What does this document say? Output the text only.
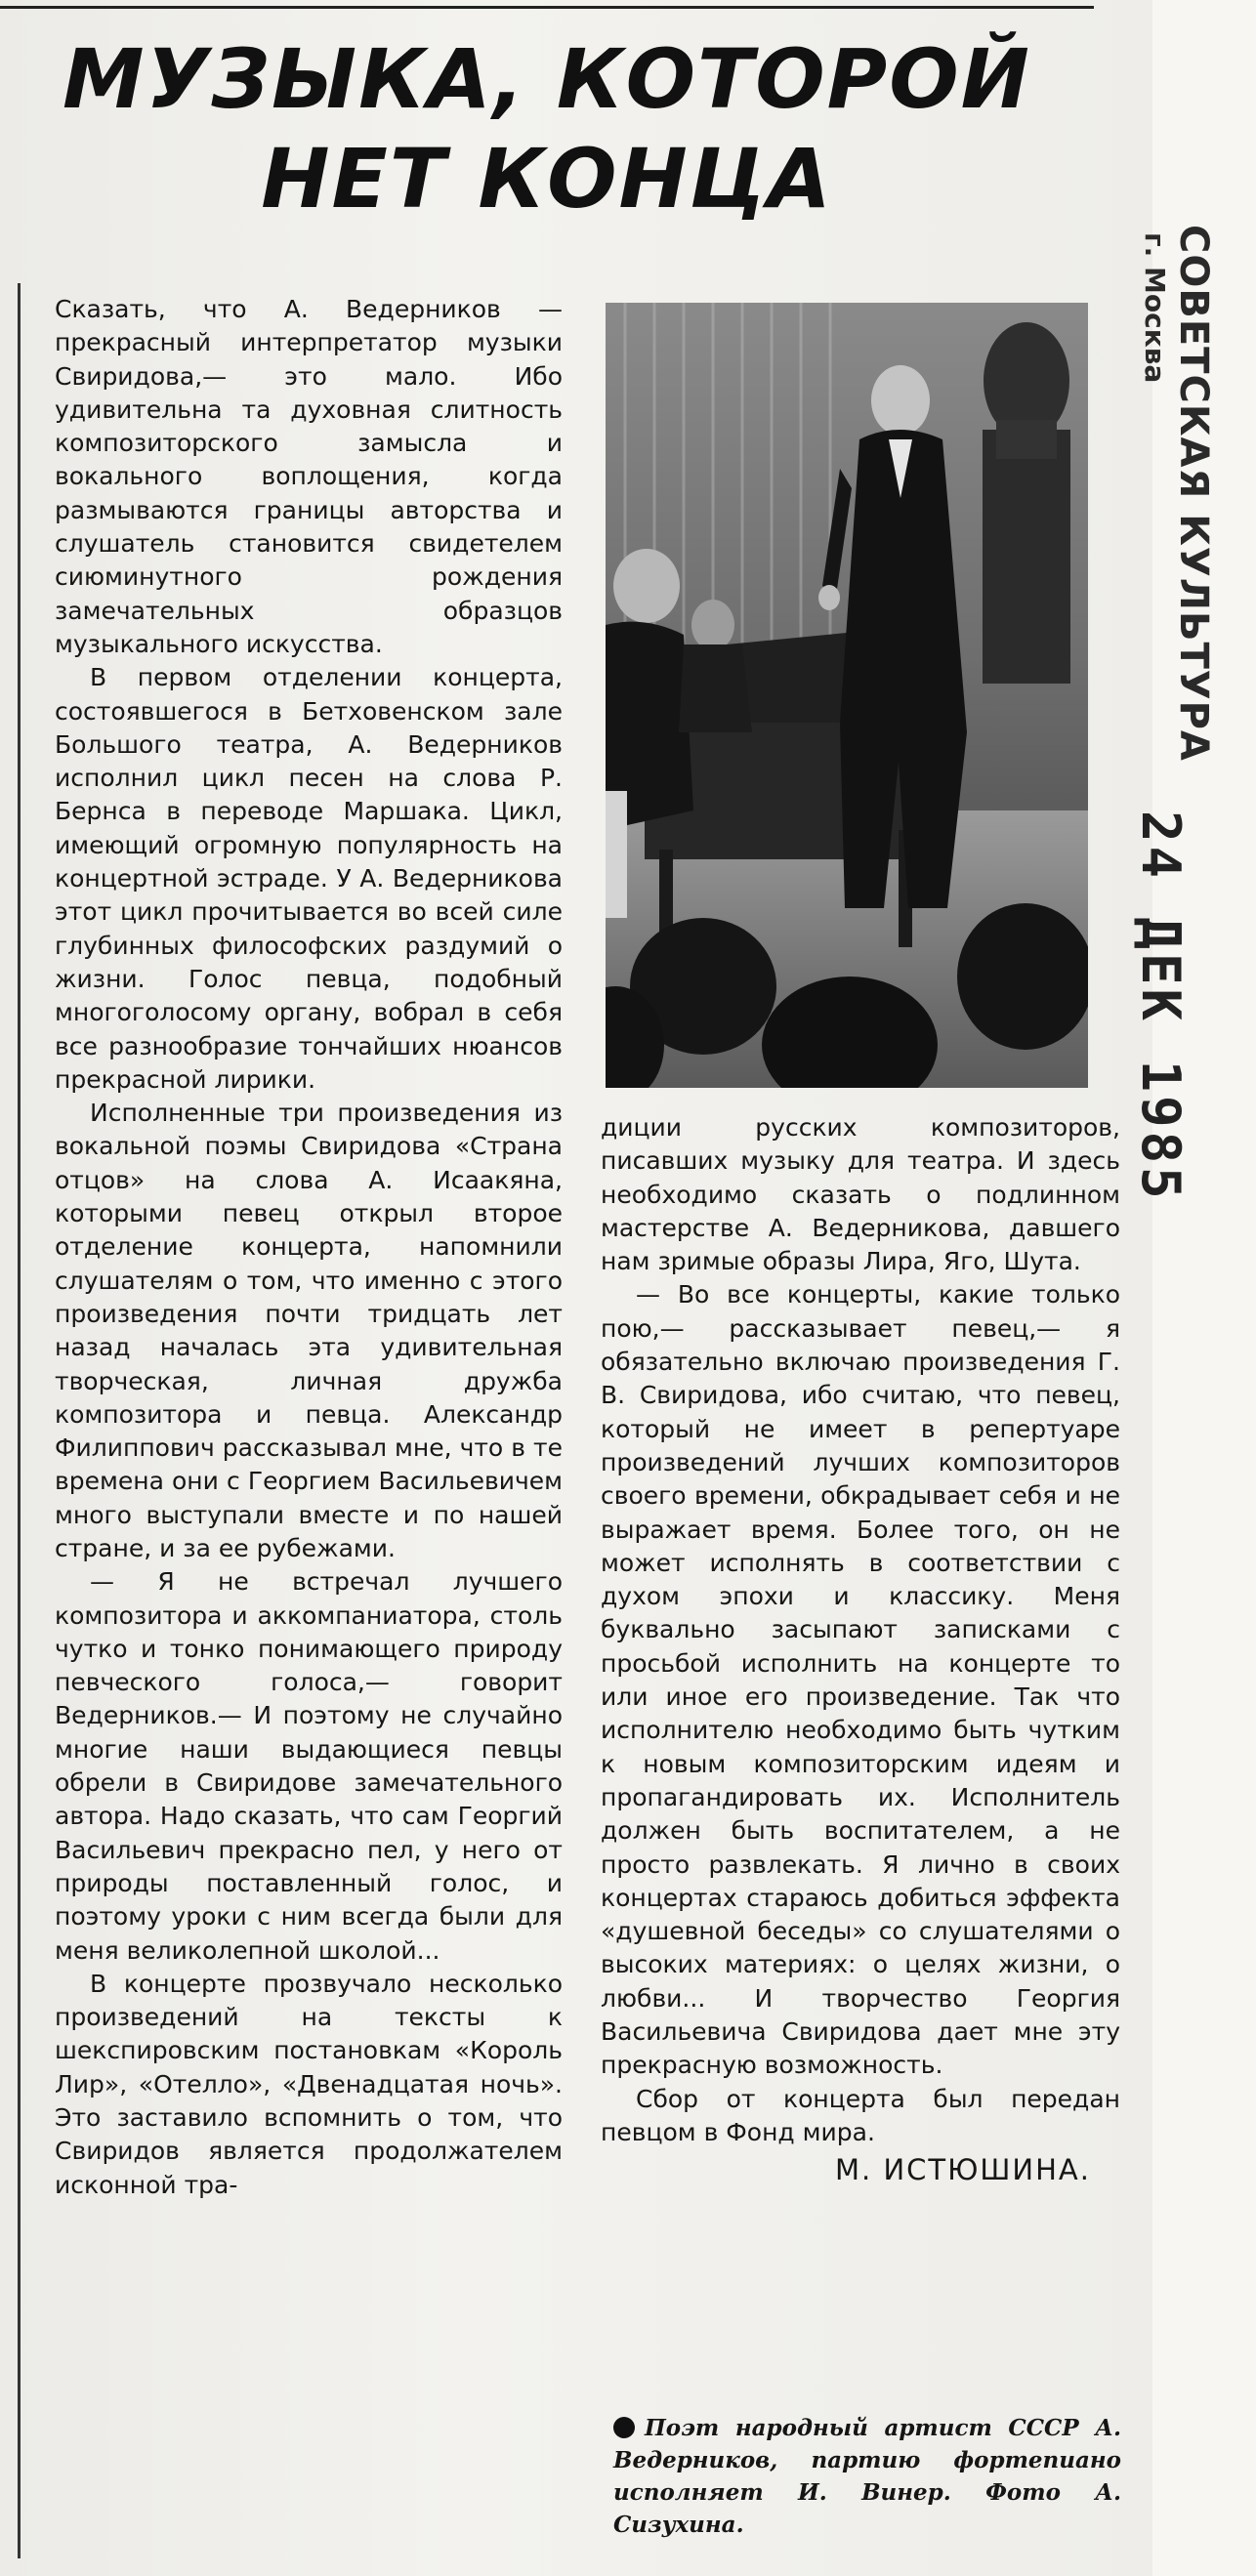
МУЗЫКА, КОТОРОЙ НЕТ КОНЦА

Сказать, что А. Ведерников — прекрасный интерпретатор музыки Свиридова,— это мало. Ибо удивительна та духовная слитность композиторского замысла и вокального воплощения, когда размываются границы авторства и слушатель становится свидетелем сиюминутного рождения замечательных образцов музыкального искусства.

В первом отделении концерта, состоявшегося в Бетховенском зале Большого театра, А. Ведерников исполнил цикл песен на слова Р. Бернса в переводе Маршака. Цикл, имеющий огромную популярность на концертной эстраде. У А. Ведерникова этот цикл прочитывается во всей силе глубинных философских раздумий о жизни. Голос певца, подобный многоголосому органу, вобрал в себя все разнообразие тончайших нюансов прекрасной лирики.

Исполненные три произведения из вокальной поэмы Свиридова «Страна отцов» на слова А. Исаакяна, которыми певец открыл второе отделение концерта, напомнили слушателям о том, что именно с этого произведения почти тридцать лет назад началась эта удивительная творческая, личная дружба композитора и певца. Александр Филиппович рассказывал мне, что в те времена они с Георгием Васильевичем много выступали вместе и по нашей стране, и за ее рубежами.

— Я не встречал лучшего композитора и аккомпаниатора, столь чутко и тонко понимающего природу певческого голоса,— говорит Ведерников.— И поэтому не случайно многие наши выдающиеся певцы обрели в Свиридове замечательного автора. Надо сказать, что сам Георгий Васильевич прекрасно пел, у него от природы поставленный голос, и поэтому уроки с ним всегда были для меня великолепной школой...

В концерте прозвучало несколько произведений на тексты к шекспировским постановкам «Король Лир», «Отелло», «Двенадцатая ночь». Это заставило вспомнить о том, что Свиридов является продолжателем исконной тра-

диции русских композиторов, писавших музыку для театра. И здесь необходимо сказать о подлинном мастерстве А. Ведерникова, давшего нам зримые образы Лира, Яго, Шута.

— Во все концерты, какие только пою,— рассказывает певец,— я обязательно включаю произведения Г. В. Свиридова, ибо считаю, что певец, который не имеет в репертуаре произведений лучших композиторов своего времени, обкрадывает себя и не выражает время. Более того, он не может исполнять в соответствии с духом эпохи и классику. Меня буквально засыпают записками с просьбой исполнить на концерте то или иное его произведение. Так что исполнителю необходимо быть чутким к новым композиторским идеям и пропагандировать их. Исполнитель должен быть воспитателем, а не просто развлекать. Я лично в своих концертах стараюсь добиться эффекта «душевной беседы» со слушателями о высоких материях: о целях жизни, о любви... И творчество Георгия Васильевича Свиридова дает мне эту прекрасную возможность.

Сбор от концерта был передан певцом в Фонд мира.

М. ИСТЮШИНА.

Поэт народный артист СССР А. Ведерников, партию фортепиано исполняет И. Винер. Фото А. Сизухина.
СОВЕТСКАЯ КУЛЬТУРА
г. Москва
24 ДЕК 1985
